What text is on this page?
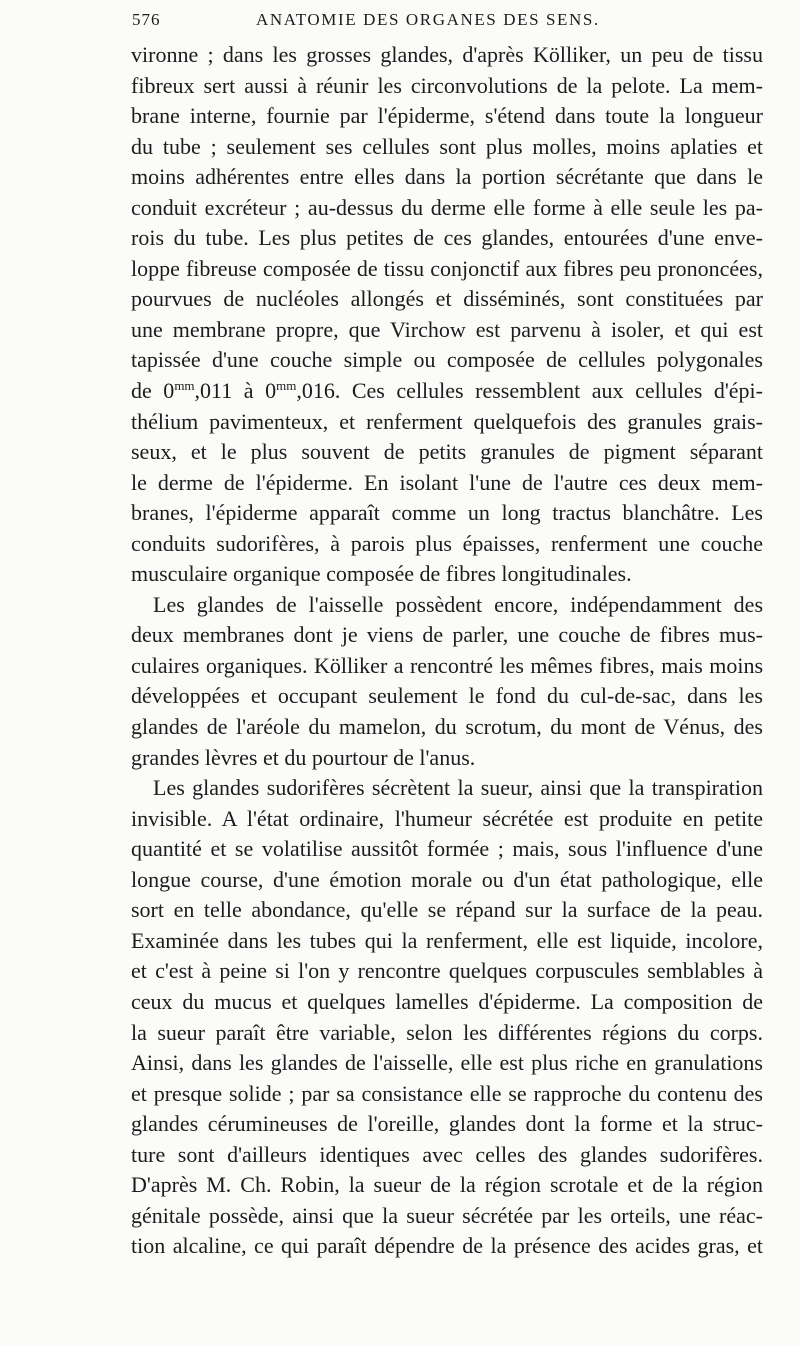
576	ANATOMIE DES ORGANES DES SENS.
vironne ; dans les grosses glandes, d'après Kölliker, un peu de tissu
fibreux sert aussi à réunir les circonvolutions de la pelote. La mem-
brane interne, fournie par l'épiderme, s'étend dans toute la longueur
du tube ; seulement ses cellules sont plus molles, moins aplaties et
moins adhérentes entre elles dans la portion sécrétante que dans le
conduit excréteur ; au-dessus du derme elle forme à elle seule les pa-
rois du tube. Les plus petites de ces glandes, entourées d'une enve-
loppe fibreuse composée de tissu conjonctif aux fibres peu prononcées,
pourvues de nucléoles allongés et disséminés, sont constituées par
une membrane propre, que Virchow est parvenu à isoler, et qui est
tapissée d'une couche simple ou composée de cellules polygonales
de $0^{mm},011$ à $0^{mm},016$. Ces cellules ressemblent aux cellules d'épi-
thélium pavimenteux, et renferment quelquefois des granules grais-
seux, et le plus souvent de petits granules de pigment séparant
le derme de l'épiderme. En isolant l'une de l'autre ces deux mem-
branes, l'épiderme apparaît comme un long tractus blanchâtre. Les
conduits sudorifères, à parois plus épaisses, renferment une couche
musculaire organique composée de fibres longitudinales.
Les glandes de l'aisselle possèdent encore, indépendamment des
deux membranes dont je viens de parler, une couche de fibres mus-
culaires organiques. Kölliker a rencontré les mêmes fibres, mais moins
développées et occupant seulement le fond du cul-de-sac, dans les
glandes de l'aréole du mamelon, du scrotum, du mont de Vénus, des
grandes lèvres et du pourtour de l'anus.
Les glandes sudorifères sécrètent la sueur, ainsi que la transpiration
invisible. A l'état ordinaire, l'humeur sécrétée est produite en petite
quantité et se volatilise aussitôt formée ; mais, sous l'influence d'une
longue course, d'une émotion morale ou d'un état pathologique, elle
sort en telle abondance, qu'elle se répand sur la surface de la peau.
Examinée dans les tubes qui la renferment, elle est liquide, incolore,
et c'est à peine si l'on y rencontre quelques corpuscules semblables à
ceux du mucus et quelques lamelles d'épiderme. La composition de
la sueur paraît être variable, selon les différentes régions du corps.
Ainsi, dans les glandes de l'aisselle, elle est plus riche en granulations
et presque solide ; par sa consistance elle se rapproche du contenu des
glandes cérumineuses de l'oreille, glandes dont la forme et la struc-
ture sont d'ailleurs identiques avec celles des glandes sudorifères.
D'après M. Ch. Robin, la sueur de la région scrotale et de la région
génitale possède, ainsi que la sueur sécrétée par les orteils, une réac-
tion alcaline, ce qui paraît dépendre de la présence des acides gras, et
